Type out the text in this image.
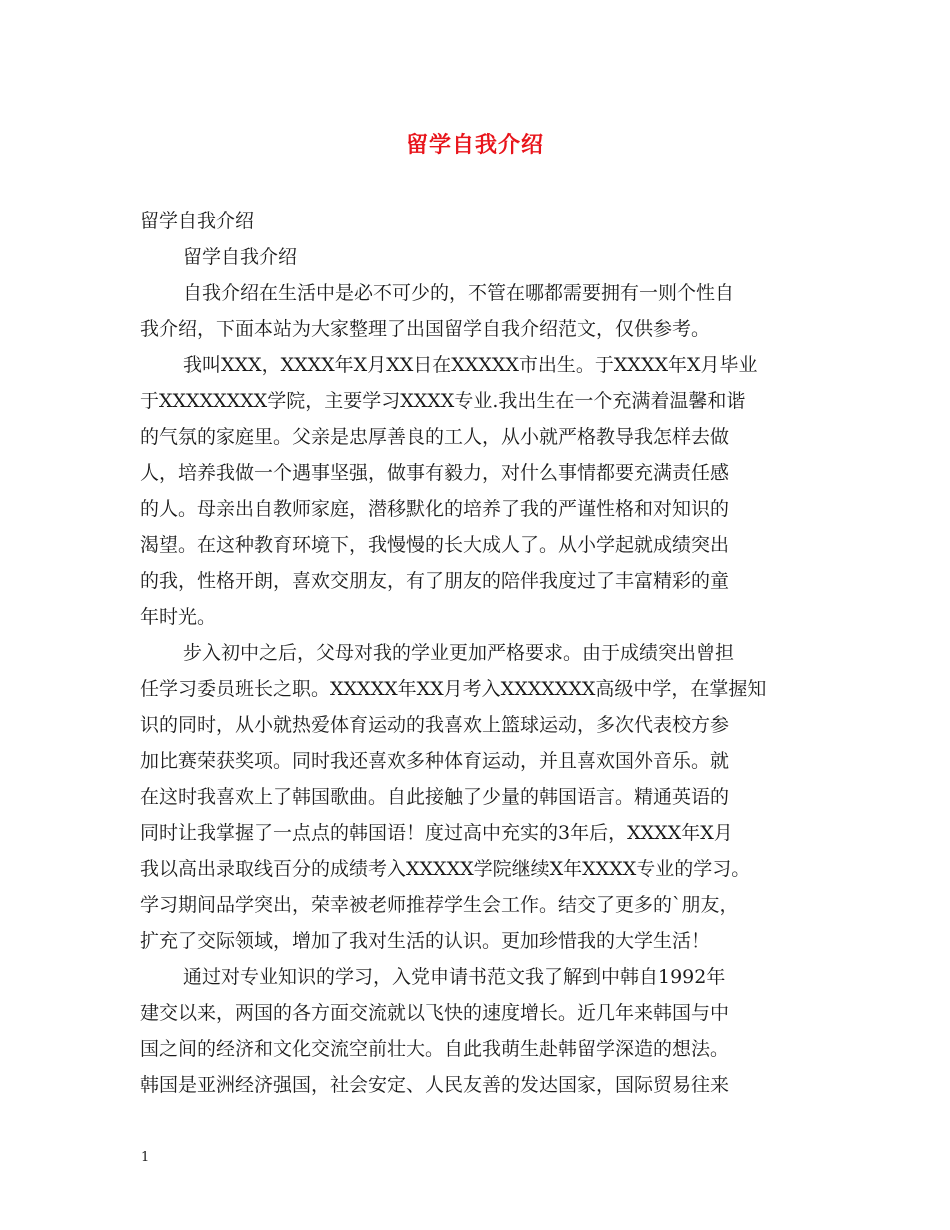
留学自我介绍
留学自我介绍
留学自我介绍
自我介绍在生活中是必不可少的，不管在哪都需要拥有一则个性自
我介绍，下面本站为大家整理了出国留学自我介绍范文，仅供参考。
我叫XXX，XXXX年X月XX日在XXXXX市出生。于XXXX年X月毕业
于XXXXXXXX学院，主要学习XXXX专业.我出生在一个充满着温馨和谐
的气氛的家庭里。父亲是忠厚善良的工人，从小就严格教导我怎样去做
人，培养我做一个遇事坚强，做事有毅力，对什么事情都要充满责任感
的人。母亲出自教师家庭，潜移默化的培养了我的严谨性格和对知识的
渴望。在这种教育环境下，我慢慢的长大成人了。从小学起就成绩突出
的我，性格开朗，喜欢交朋友，有了朋友的陪伴我度过了丰富精彩的童
年时光。
步入初中之后，父母对我的学业更加严格要求。由于成绩突出曾担
任学习委员班长之职。XXXXX年XX月考入XXXXXXX高级中学，在掌握知
识的同时，从小就热爱体育运动的我喜欢上篮球运动，多次代表校方参
加比赛荣获奖项。同时我还喜欢多种体育运动，并且喜欢国外音乐。就
在这时我喜欢上了韩国歌曲。自此接触了少量的韩国语言。精通英语的
同时让我掌握了一点点的韩国语！度过高中充实的3年后，XXXX年X月
我以高出录取线百分的成绩考入XXXXX学院继续X年XXXX专业的学习。
学习期间品学突出，荣幸被老师推荐学生会工作。结交了更多的`朋友，
扩充了交际领域，增加了我对生活的认识。更加珍惜我的大学生活！
通过对专业知识的学习，入党申请书范文我了解到中韩自1992年
建交以来，两国的各方面交流就以飞快的速度增长。近几年来韩国与中
国之间的经济和文化交流空前壮大。自此我萌生赴韩留学深造的想法。
韩国是亚洲经济强国，社会安定、人民友善的发达国家，国际贸易往来
1
